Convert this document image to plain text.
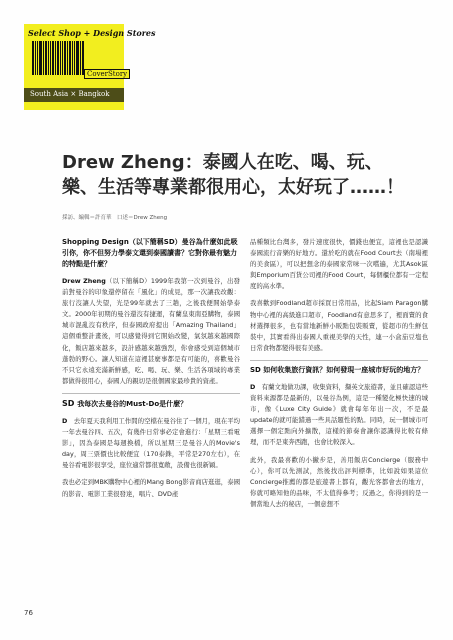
Select Shop + Design Stores
CoverStory
South Asia × Bangkok
Drew Zheng：泰國人在吃、喝、玩、樂、生活等專業都很用心，太好玩了……！
採訪、編輯＝許育華　口述＝Drew Zheng
Shopping Design（以下簡稱SD）曼谷為什麼如此吸引你，你不但努力學泰文還到泰國讀書？它對你最有魅力的特點是什麼？

Drew Zheng（以下簡稱D）1999年我第一次到曼谷，出發前對曼谷的印象還停留在「風化」的成見，那一次讓我改觀：旅行沒讓人失望，光是99年就去了三趟，之後我便開始學泰文。2000年初期的曼谷還沒有捷運，有蘭皇東南亞購物，泰國城市混亂沒有秩序，但泰國政府提出「Amazing Thailand」這個重整計畫後，可以感覺得到它開始改變，氣氛越來越國際化，飯店越來越多，設計感越來越強烈，你會感受到這個城市蓬勃的野心。讓人知道在這裡甚麼事都是有可能的，喜歡曼谷不只它永遠充滿新鮮感，吃、喝、玩、樂、生活各項域的專業都做得很用心，泰國人的親切是很個國家最珍貴的資產。

SD 我每次去曼谷的Must-Do是什麼？

D　 去年夏天我利用工作間的空檔在曼谷住了一個月，現在平均一年去曼谷四、五次，有幾件日常事必定會進行：「星期三看電影」，因為泰國是每週換檔，所以星期三是曼谷人的Movie's day，周三票價也比較便宜（170泰銖，平常是270左右），在曼谷看電影很享受，座位適常都很寬敞，設備也很新穎。

我也必定到MBK購物中心裡的Mang Bong影音商店逛逛，泰國的影音、電影工業很發達，唱片、DVD產

品種類比台灣多，發片速度很快，價錢也便宜，這裡也是認識泰國流行音樂的好地方。還於吃的就在Food Court去（南場裡的美食區），可以把想念的泰國家常味一次嚐遍，尤其Asok區與Emporium百貨公司裡的Food Court，每個櫃位都有一定程度的高水準。

我喜歡到Foodland超市採買日常用品，比起Siam Paragon購物中心裡的高級進口超市，Foodland有意思多了，裡面賣的食材選擇很多，也有當地新鮮小販點包裝販賣，從超市的生鮮包裝中，其實看得出泰國人重視美學的天性，連一小盒茄豆塩也日常食物都變得很有美感。

SD 如何收集旅行資訊？如何發現一座城市好玩的地方？

D　 有蘭文地做功課，收集資料，擷英文旅遊書，並且確認這些資料來源都是最新的，以曼谷為例，這是一種變化極快速的城市，像《Luxe City Guide》就會每年年出一次，不是最update的就可能錯過一些具話題性的點。同時，玩一個城市可選擇一個定點向外擴散，這樣的節奏會讓你認識得比較有條理，而不是東奔西跑，也會比較深入。

此外，我最喜歡的小撇步是，善用飯店Concierge（服務中心），你可以先測試，然後找出評判標準，比如說如果這位Concierge推薦的都是旅遊書上都有，觀光客都會去的地方，你就可略知他的品味，不太值得參考；反過之，你得到的是一個當地人去的秘店，一個意想不

76
